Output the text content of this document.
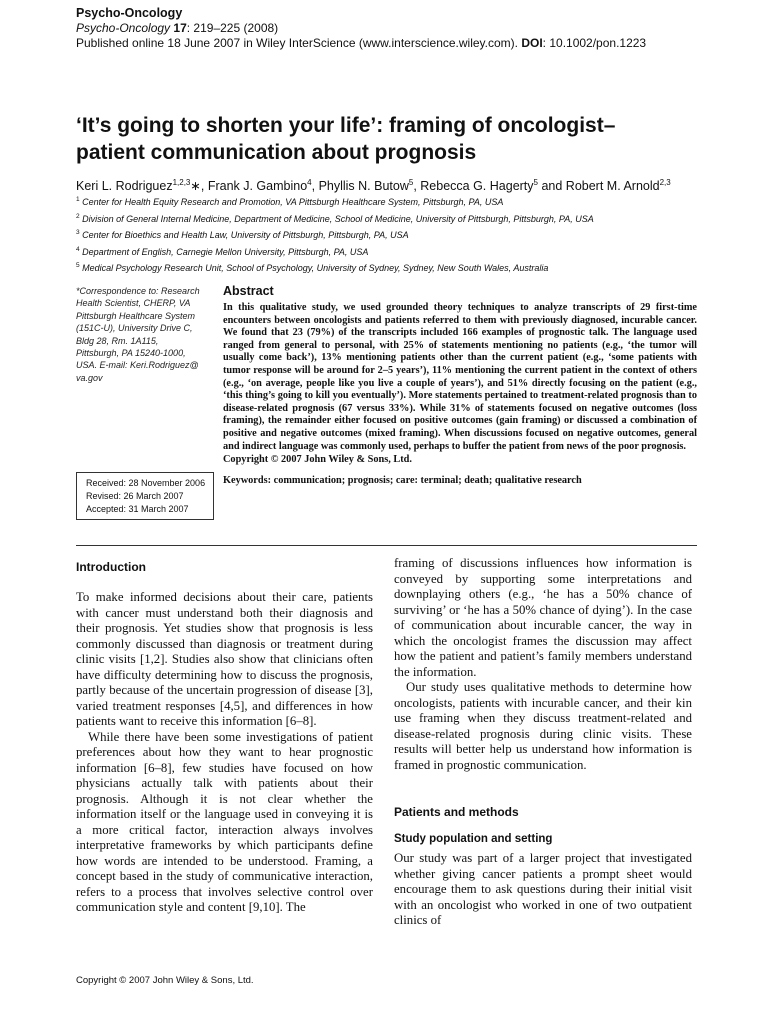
Psycho-Oncology
Psycho-Oncology 17: 219–225 (2008)
Published online 18 June 2007 in Wiley InterScience (www.interscience.wiley.com). DOI: 10.1002/pon.1223
‘It’s going to shorten your life’: framing of oncologist–
patient communication about prognosis
Keri L. Rodriguez$^{1,2,3}$∗, Frank J. Gambino$^4$, Phyllis N. Butow$^5$, Rebecca G. Hagerty$^5$ and Robert M. Arnold$^{2,3}$
$^1$ Center for Health Equity Research and Promotion, VA Pittsburgh Healthcare System, Pittsburgh, PA, USA
$^2$ Division of General Internal Medicine, Department of Medicine, School of Medicine, University of Pittsburgh, Pittsburgh, PA, USA
$^3$ Center for Bioethics and Health Law, University of Pittsburgh, Pittsburgh, PA, USA
$^4$ Department of English, Carnegie Mellon University, Pittsburgh, PA, USA
$^5$ Medical Psychology Research Unit, School of Psychology, University of Sydney, Sydney, New South Wales, Australia
*Correspondence to: Research
Health Scientist, CHERP, VA
Pittsburgh Healthcare System
(151C-U), University Drive C,
Bldg 28, Rm. 1A115,
Pittsburgh, PA 15240-1000,
USA. E-mail: Keri.Rodriguez@
va.gov
Received: 28 November 2006
Revised: 26 March 2007
Accepted: 31 March 2007
Abstract

In this qualitative study, we used grounded theory techniques to analyze transcripts of 29 first-time encounters between oncologists and patients referred to them with previously diagnosed, incurable cancer. We found that 23 (79%) of the transcripts included 166 examples of prognostic talk. The language used ranged from general to personal, with 25% of statements mentioning no patients (e.g., ‘the tumor will usually come back’), 13% mentioning patients other than the current patient (e.g., ‘some patients with tumor response will be around for 2–5 years’), 11% mentioning the current patient in the context of others (e.g., ‘on average, people like you live a couple of years’), and 51% directly focusing on the patient (e.g., ‘this thing’s going to kill you eventually’). More statements pertained to treatment-related prognosis than to disease-related prognosis (67 versus 33%). While 31% of statements focused on negative outcomes (loss framing), the remainder either focused on positive outcomes (gain framing) or discussed a combination of positive and negative outcomes (mixed framing). When discussions focused on negative outcomes, general and indirect language was commonly used, perhaps to buffer the patient from news of the poor prognosis.

Copyright © 2007 John Wiley & Sons, Ltd.

Keywords: communication; prognosis; care: terminal; death; qualitative research
Introduction

To make informed decisions about their care, patients with cancer must understand both their diagnosis and their prognosis. Yet studies show that prognosis is less commonly discussed than diagnosis or treatment during clinic visits [1,2]. Studies also show that clinicians often have difficulty determining how to discuss the prognosis, partly because of the uncertain progression of disease [3], varied treatment responses [4,5], and differences in how patients want to receive this information [6–8].

While there have been some investigations of patient preferences about how they want to hear prognostic information [6–8], few studies have focused on how physicians actually talk with patients about their prognosis. Although it is not clear whether the information itself or the language used in conveying it is a more critical factor, interaction always involves interpretative frameworks by which participants define how words are intended to be understood. Framing, a concept based in the study of communicative interaction, refers to a process that involves selective control over communication style and content [9,10]. The

framing of discussions influences how information is conveyed by supporting some interpretations and downplaying others (e.g., ‘he has a 50% chance of surviving’ or ‘he has a 50% chance of dying’). In the case of communication about incurable cancer, the way in which the oncologist frames the discussion may affect how the patient and patient’s family members understand the information.

Our study uses qualitative methods to determine how oncologists, patients with incurable cancer, and their kin use framing when they discuss treatment-related and disease-related prognosis during clinic visits. These results will better help us understand how information is framed in prognostic communication.

Patients and methods
Study population and setting

Our study was part of a larger project that investigated whether giving cancer patients a prompt sheet would encourage them to ask questions during their initial visit with an oncologist who worked in one of two outpatient clinics of

Copyright © 2007 John Wiley & Sons, Ltd.
